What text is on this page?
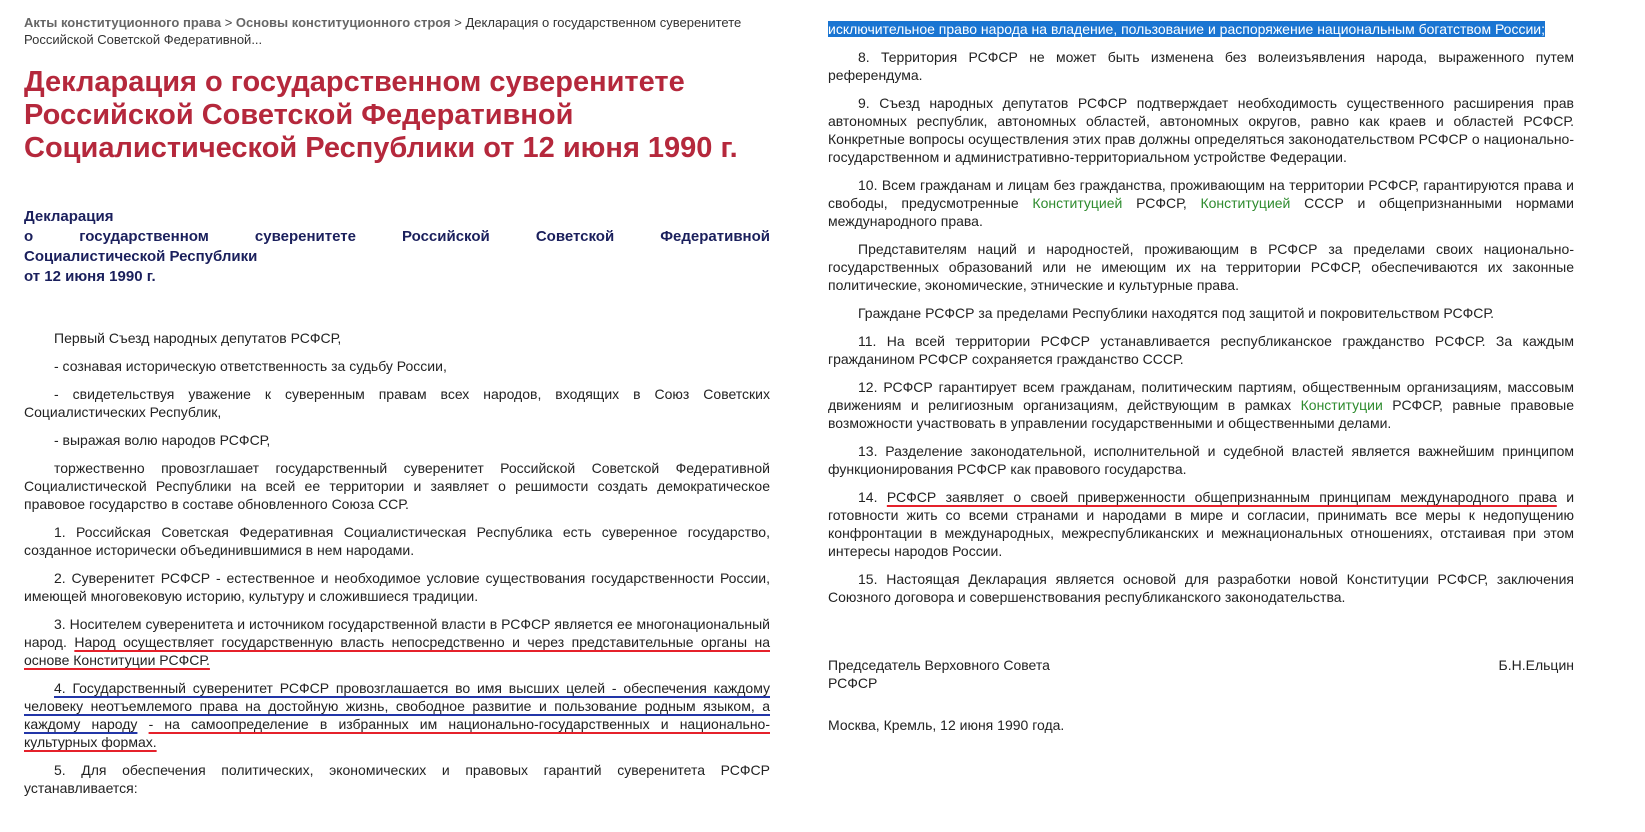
Акты конституционного права > Основы конституционного строя > Декларация о государственном суверенитете Российской Советской Федеративной...
Декларация о государственном суверенитете Российской Советской Федеративной Социалистической Республики от 12 июня 1990 г.
Декларация
о государственном суверенитете Российской Советской Федеративной
Социалистической Республики
от 12 июня 1990 г.

Первый Съезд народных депутатов РСФСР,

- сознавая историческую ответственность за судьбу России,

- свидетельствуя уважение к суверенным правам всех народов, входящих в Союз Советских Социалистических Республик,

- выражая волю народов РСФСР,

торжественно провозглашает государственный суверенитет Российской Советской Федеративной Социалистической Республики на всей ее территории и заявляет о решимости создать демократическое правовое государство в составе обновленного Союза ССР.

1. Российская Советская Федеративная Социалистическая Республика есть суверенное государство, созданное исторически объединившимися в нем народами.

2. Суверенитет РСФСР - естественное и необходимое условие существования государственности России, имеющей многовековую историю, культуру и сложившиеся традиции.

3. Носителем суверенитета и источником государственной власти в РСФСР является ее многонациональный народ. Народ осуществляет государственную власть непосредственно и через представительные органы на основе Конституции РСФСР.

4. Государственный суверенитет РСФСР провозглашается во имя высших целей - обеспечения каждому человеку неотъемлемого права на достойную жизнь, свободное развитие и пользование родным языком, а каждому народу - на самоопределение в избранных им национально-государственных и национально-культурных формах.

5. Для обеспечения политических, экономических и правовых гарантий суверенитета РСФСР устанавливается:

исключительное право народа на владение, пользование и распоряжение национальным богатством России;

8. Территория РСФСР не может быть изменена без волеизъявления народа, выраженного путем референдума.

9. Съезд народных депутатов РСФСР подтверждает необходимость существенного расширения прав автономных республик, автономных областей, автономных округов, равно как краев и областей РСФСР. Конкретные вопросы осуществления этих прав должны определяться законодательством РСФСР о национально-государственном и административно-территориальном устройстве Федерации.

10. Всем гражданам и лицам без гражданства, проживающим на территории РСФСР, гарантируются права и свободы, предусмотренные Конституцией РСФСР, Конституцией СССР и общепризнанными нормами международного права.

Представителям наций и народностей, проживающим в РСФСР за пределами своих национально-государственных образований или не имеющим их на территории РСФСР, обеспечиваются их законные политические, экономические, этнические и культурные права.

Граждане РСФСР за пределами Республики находятся под защитой и покровительством РСФСР.

11. На всей территории РСФСР устанавливается республиканское гражданство РСФСР. За каждым гражданином РСФСР сохраняется гражданство СССР.

12. РСФСР гарантирует всем гражданам, политическим партиям, общественным организациям, массовым движениям и религиозным организациям, действующим в рамках Конституции РСФСР, равные правовые возможности участвовать в управлении государственными и общественными делами.

13. Разделение законодательной, исполнительной и судебной властей является важнейшим принципом функционирования РСФСР как правового государства.

14. РСФСР заявляет о своей приверженности общепризнанным принципам международного права и готовности жить со всеми странами и народами в мире и согласии, принимать все меры к недопущению конфронтации в международных, межреспубликанских и межнациональных отношениях, отстаивая при этом интересы народов России.

15. Настоящая Декларация является основой для разработки новой Конституции РСФСР, заключения Союзного договора и совершенствования республиканского законодательства.

Председатель Верховного Совета РСФСР
Б.Н.Ельцин
Москва, Кремль, 12 июня 1990 года.
